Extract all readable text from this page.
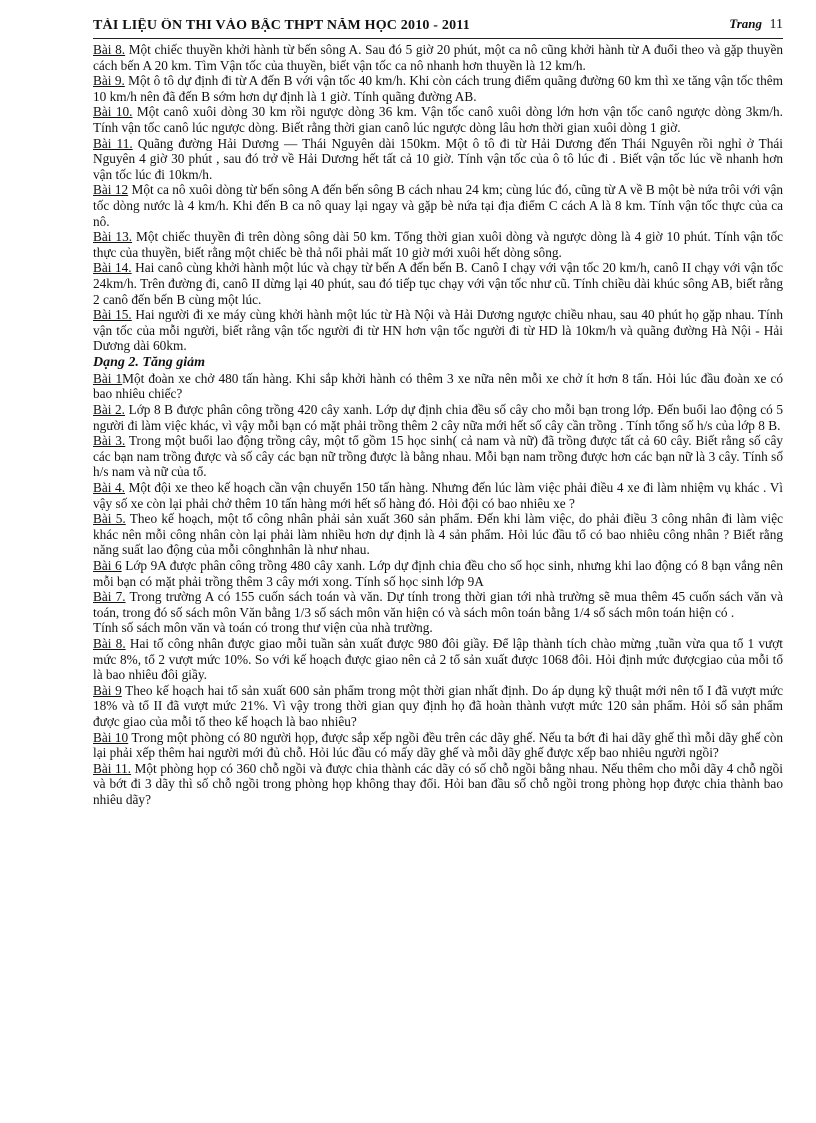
TÀI LIỆU ÔN THI VÀO BẬC THPT NĂM HỌC 2010 - 2011	Trang 11

Bài 8. Một chiếc thuyền khởi hành từ bến sông A. Sau đó 5 giờ 20 phút, một ca nô cũng khởi hành từ A đuổi theo và gặp thuyền cách bến A 20 km. Tìm Vận tốc của thuyền, biết vận tốc ca nô nhanh hơn thuyền là 12 km/h.

Bài 9. Một ô tô dự định đi từ A đến B với vận tốc 40 km/h. Khi còn cách trung điểm quãng đường 60 km thì xe tăng vận tốc thêm 10 km/h nên đã đến B sớm hơn dự định là 1 giờ. Tính quãng đường AB.

Bài 10. Một canô xuôi dòng 30 km rồi ngược dòng 36 km. Vận tốc canô xuôi dòng lớn hơn vận tốc canô ngược dòng 3km/h. Tính vận tốc canô lúc ngược dòng. Biết rằng thời gian canô lúc ngược dòng lâu hơn thời gian xuôi dòng 1 giờ.

Bài 11. Quãng đường Hải Dương — Thái Nguyên dài 150km. Một ô tô đi từ Hải Dương đến Thái Nguyên rồi nghỉ ở Thái Nguyên 4 giờ 30 phút , sau đó trở về Hải Dương hết tất cả 10 giờ. Tính vận tốc của ô tô lúc đi . Biết vận tốc lúc về nhanh hơn vận tốc lúc đi 10km/h.

Bài 12 Một ca nô xuôi dòng từ bến sông A đến bến sông B cách nhau 24 km; cùng lúc đó, cũng từ A về B một bè nứa trôi với vận tốc dòng nước là 4 km/h. Khi đến B ca nô quay lại ngay và gặp bè nứa tại địa điểm C cách A là 8 km. Tính vận tốc thực của ca nô.

Bài 13. Một chiếc thuyền đi trên dòng sông dài 50 km. Tổng thời gian xuôi dòng và ngược dòng là 4 giờ 10 phút. Tính vận tốc thực của thuyền, biết rằng một chiếc bè thả nổi phải mất 10 giờ mới xuôi hết dòng sông.

Bài 14. Hai canô cùng khởi hành một lúc và chạy từ bến A đến bến B. Canô I chạy với vận tốc 20 km/h, canô II chạy với vận tốc 24km/h. Trên đường đi, canô II dừng lại 40 phút, sau đó tiếp tục chạy với vận tốc như cũ. Tính chiều dài khúc sông AB, biết rằng 2 canô đến bến B cùng một lúc.

Bài 15. Hai người đi xe máy cùng khởi hành một lúc từ Hà Nội và Hải Dương ngược chiều nhau, sau 40 phút họ gặp nhau. Tính vận tốc của mỗi người, biết rằng vận tốc người đi từ HN hơn vận tốc người đi từ HD là 10km/h và quãng đường Hà Nội - Hải Dương dài 60km.

Dạng 2. Tăng giảm

Bài 1Một đoàn xe chở 480 tấn hàng. Khi sắp khởi hành có thêm 3 xe nữa nên mỗi xe chở ít hơn 8 tấn. Hỏi lúc đầu đoàn xe có bao nhiêu chiếc?

Bài 2. Lớp 8 B được phân công trồng 420 cây xanh. Lớp dự định chia đều số cây cho mỗi bạn trong lớp. Đến buổi lao động có 5 người đi làm việc khác, vì vậy mỗi bạn có mặt phải trồng thêm 2 cây nữa mới hết số cây cần trồng . Tính tổng số h/s của lớp 8 B.

Bài 3. Trong một buổi lao động trồng cây, một tổ gồm 15 học sinh( cả nam và nữ) đã trồng được tất cả 60 cây. Biết rằng số cây các bạn nam trồng được và số cây các bạn nữ trồng được là bằng nhau. Mỗi bạn nam trồng được hơn các bạn nữ là 3 cây. Tính số h/s nam và nữ của tổ.

Bài 4. Một đội xe theo kế hoạch cần vận chuyển 150 tấn hàng. Nhưng đến lúc làm việc phải điều 4 xe đi làm nhiệm vụ khác . Vì vậy số xe còn lại phải chở thêm 10 tấn hàng mới hết số hàng đó. Hỏi đội có bao nhiêu xe ?

Bài 5. Theo kế hoạch, một tổ công nhân phải sản xuất 360 sản phẩm. Đến khi làm việc, do phải điều 3 công nhân đi làm việc khác nên mỗi công nhân còn lại phải làm nhiều hơn dự định là 4 sản phẩm. Hỏi lúc đầu tổ có bao nhiêu công nhân ? Biết rằng năng suất lao động của mỗi cônghnhân là như nhau.

Bài 6 Lớp 9A được phân công trồng 480 cây xanh. Lớp dự định chia đều cho số học sinh, nhưng khi lao động có 8 bạn vắng nên mỗi bạn có mặt phải trồng thêm 3 cây mới xong. Tính số học sinh lớp 9A

Bài 7. Trong trường A có 155 cuốn sách toán và văn. Dự tính trong thời gian tới nhà trường sẽ mua thêm 45 cuốn sách văn và toán, trong đó số sách môn Văn bằng 1/3 số sách môn văn hiện có và sách môn toán bằng 1/4 số sách môn toán hiện có .

Tính số sách môn văn và toán có trong thư viện của nhà trường.

Bài 8. Hai tổ công nhân được giao mỗi tuần sản xuất được 980 đôi giầy. Để lập thành tích chào mừng ,tuần vừa qua tổ 1 vượt mức 8%, tổ 2 vượt mức 10%. So với kế hoạch được giao nên cả 2 tổ sản xuất được 1068 đôi. Hỏi định mức đượcgiao của mỗi tổ là bao nhiêu đôi giầy.

Bài 9 Theo kế hoạch hai tổ sản xuất 600 sản phẩm trong một thời gian nhất định. Do áp dụng kỹ thuật mới nên tổ I đã vượt mức 18% và tổ II đã vượt mức 21%. Vì vậy trong thời gian quy định họ đã hoàn thành vượt mức 120 sản phẩm. Hỏi số sản phẩm được giao của mỗi tổ theo kế hoạch là bao nhiêu?

Bài 10 Trong một phòng có 80 người họp, được sắp xếp ngồi đều trên các dãy ghế. Nếu ta bớt đi hai dãy ghế thì mỗi dãy ghế còn lại phải xếp thêm hai người mới đủ chỗ. Hỏi lúc đầu có mấy dãy ghế và mỗi dãy ghế được xếp bao nhiêu người ngồi?

Bài 11. Một phòng họp có 360 chỗ ngồi và được chia thành các dãy có số chỗ ngồi bằng nhau. Nếu thêm cho mỗi dãy 4 chỗ ngồi và bớt đi 3 dãy thì số chỗ ngồi trong phòng họp không thay đổi. Hỏi ban đầu số chỗ ngồi trong phòng họp được chia thành bao nhiêu dãy?
